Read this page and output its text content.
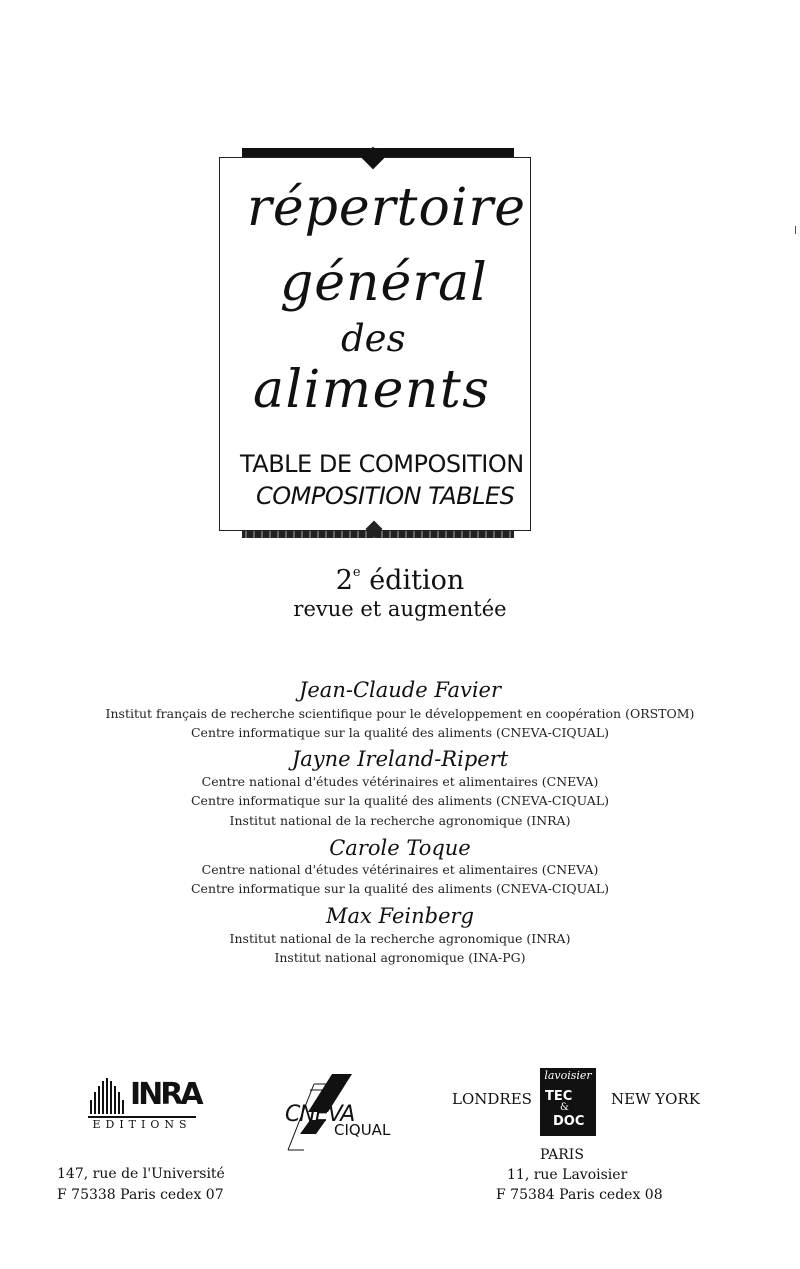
répertoire
général
des
aliments
TABLE DE COMPOSITION
COMPOSITION TABLES
2e édition
revue et augmentée
Jean-Claude Favier
Institut français de recherche scientifique pour le développement en coopération (ORSTOM)
Centre informatique sur la qualité des aliments (CNEVA-CIQUAL)
Jayne Ireland-Ripert
Centre national d'études vétérinaires et alimentaires (CNEVA)
Centre informatique sur la qualité des aliments (CNEVA-CIQUAL)
Institut national de la recherche agronomique (INRA)
Carole Toque
Centre national d'études vétérinaires et alimentaires (CNEVA)
Centre informatique sur la qualité des aliments (CNEVA-CIQUAL)
Max Feinberg
Institut national de la recherche agronomique (INRA)
Institut national agronomique (INA-PG)
INRA
EDITIONS
147, rue de l'Université
F 75338 Paris cedex 07
CNEVA
CIQUAL
LONDRES
lavoisier
TEC
&
DOC
NEW YORK
PARIS
11, rue Lavoisier
F 75384 Paris cedex 08
